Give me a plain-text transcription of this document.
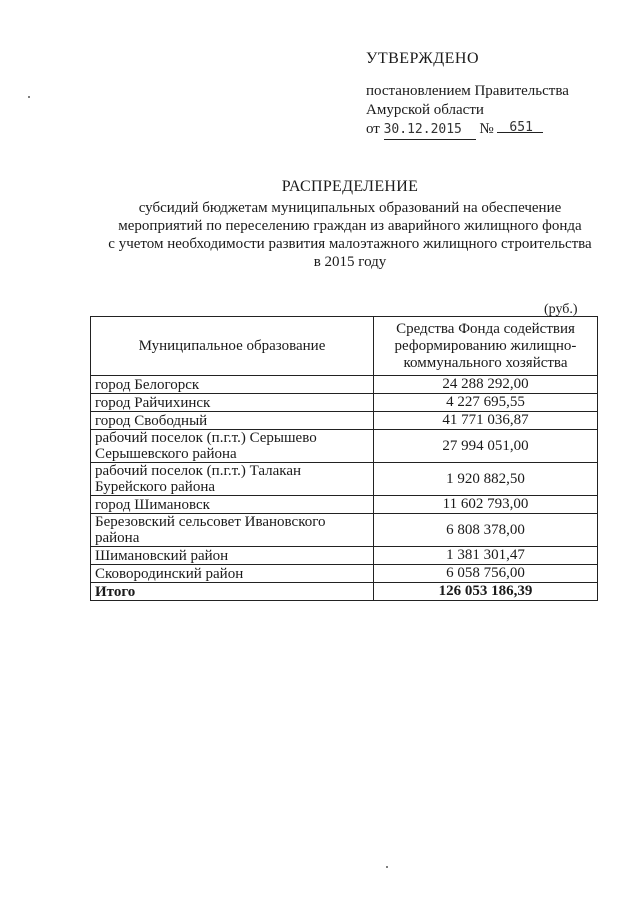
УТВЕРЖДЕНО
постановлением Правительства
Амурской области
от 30.12.2015 № 651
РАСПРЕДЕЛЕНИЕ
субсидий бюджетам муниципальных образований на обеспечение
мероприятий по переселению граждан из аварийного жилищного фонда
с учетом необходимости развития малоэтажного жилищного строительства
в 2015 году
(руб.)
Муниципальное образование	Средства Фонда содействия реформированию жилищно-коммунального хозяйства
город Белогорск	24 288 292,00
город Райчихинск	4 227 695,55
город Свободный	41 771 036,87
рабочий поселок (п.г.т.) Серышево Серышевского района	27 994 051,00
рабочий поселок (п.г.т.) Талакан Бурейского района	1 920 882,50
город Шимановск	11 602 793,00
Березовский сельсовет Ивановского района	6 808 378,00
Шимановский район	1 381 301,47
Сковородинский район	6 058 756,00
Итого	126 053 186,39
